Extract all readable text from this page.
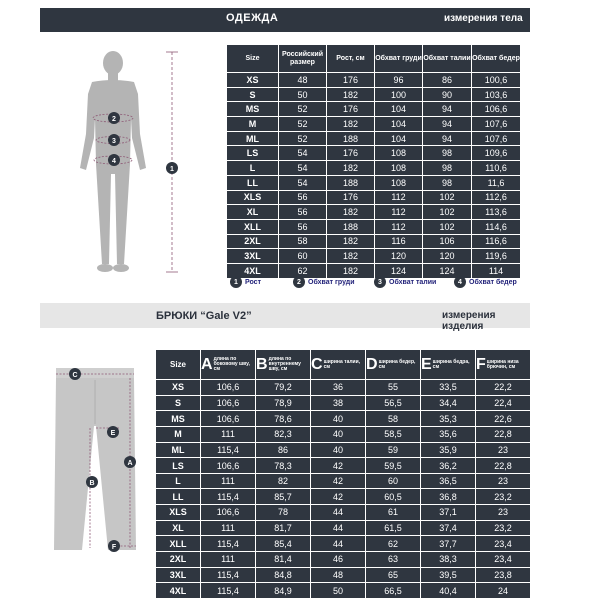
ОДЕЖДА	измерения тела
2
3
4
1
Size	Российский размер	Рост, см	Обхват груди	Обхват талии	Обхват бедер
XS	48	176	96	86	100,6
S	50	182	100	90	103,6
MS	52	176	104	94	106,6
M	52	182	104	94	107,6
ML	52	188	104	94	107,6
LS	54	176	108	98	109,6
L	54	182	108	98	110,6
LL	54	188	108	98	11,6
XLS	56	176	112	102	112,6
XL	56	182	112	102	113,6
XLL	56	188	112	102	114,6
2XL	58	182	116	106	116,6
3XL	60	182	120	120	119,6
4XL	62	182	124	124	114
1	Рост	2	Обхват груди	3	Обхват талии	4	Обхват бедер
БРЮКИ “Gale V2”	измерения изделия
C
E
A
B
F
Size	A длина по боковому шву, см	B длина по внутреннему шву, см	C ширина талии, см	D ширина бедер, см	E ширина бедра, см	F ширина низа брючин, см

XS	106,6	79,2	36	55	33,5	22,2
S	106,6	78,9	38	56,5	34,4	22,4
MS	106,6	78,6	40	58	35,3	22,6
M	111	82,3	40	58,5	35,6	22,8
ML	115,4	86	40	59	35,9	23
LS	106,6	78,3	42	59,5	36,2	22,8
L	111	82	42	60	36,5	23
LL	115,4	85,7	42	60,5	36,8	23,2
XLS	106,6	78	44	61	37,1	23
XL	111	81,7	44	61,5	37,4	23,2
XLL	115,4	85,4	44	62	37,7	23,4
2XL	111	81,4	46	63	38,3	23,4
3XL	115,4	84,8	48	65	39,5	23,8
4XL	115,4	84,9	50	66,5	40,4	24
